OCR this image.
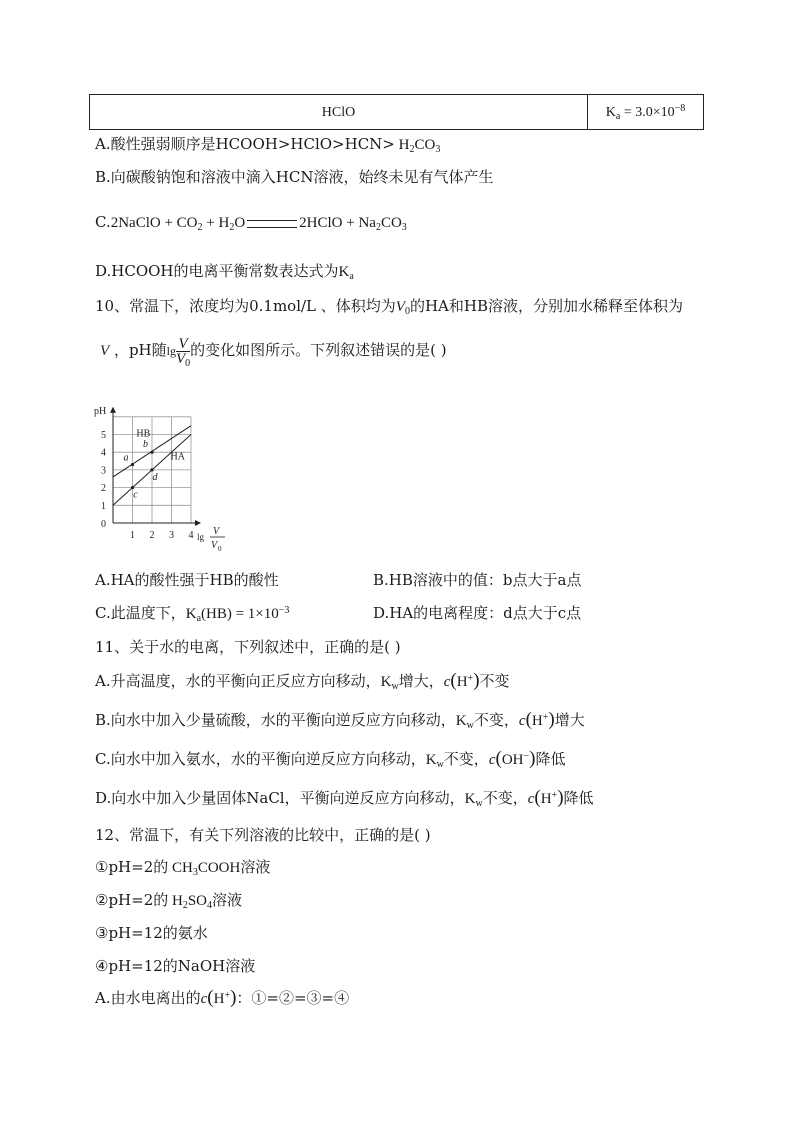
HClO	$K_a = 3.0\times 10^{-8}$
A.酸性强弱顺序是HCOOH>HClO>HCN> $H_2CO_3$
B.向碳酸钠饱和溶液中滴入HCN溶液，始终未见有气体产生
C.2NaClO + $CO_2 + H_2O$	2HClO + $Na_2CO_3$
D.HCOOH的电离平衡常数表达式为$K_a$
10、常温下，浓度均为0.1mol/L 、体积均为$V_0$的HA和HB溶液，分别加水稀释至体积为
V ，pH随$\lg \frac{V}{V_0}$ 的变化如图所示。下列叙述错误的是( )
1 2 3 4
1
2
3
4
5
0
pH
lg V
V 0
HB
HA
a
b
c
d
A.HA的酸性强于HB的酸性	B.HB溶液中的值：b点大于a点
C.此温度下，$K_a(HB) = 1\times 10^{-3}$	D.HA的电离程度：d点大于c点
11、关于水的电离，下列叙述中，正确的是( )
A.升高温度，水的平衡向正反应方向移动，$K_w$增大，c(H+)不变
B.向水中加入少量硫酸，水的平衡向逆反应方向移动，$K_w$不变，c(H+)增大
C.向水中加入氨水，水的平衡向逆反应方向移动，$K_w$不变，c(OH−)降低
D.向水中加入少量固体NaCl，平衡向逆反应方向移动，$K_w$不变，c(H+)降低
12、常温下，有关下列溶液的比较中，正确的是( )
①pH=2的 $CH_3COOH$溶液
②pH=2的 $H_2SO_4$溶液
③pH=12的氨水
④pH=12的NaOH溶液
A.由水电离出的c(H+)：①=②=③=④
